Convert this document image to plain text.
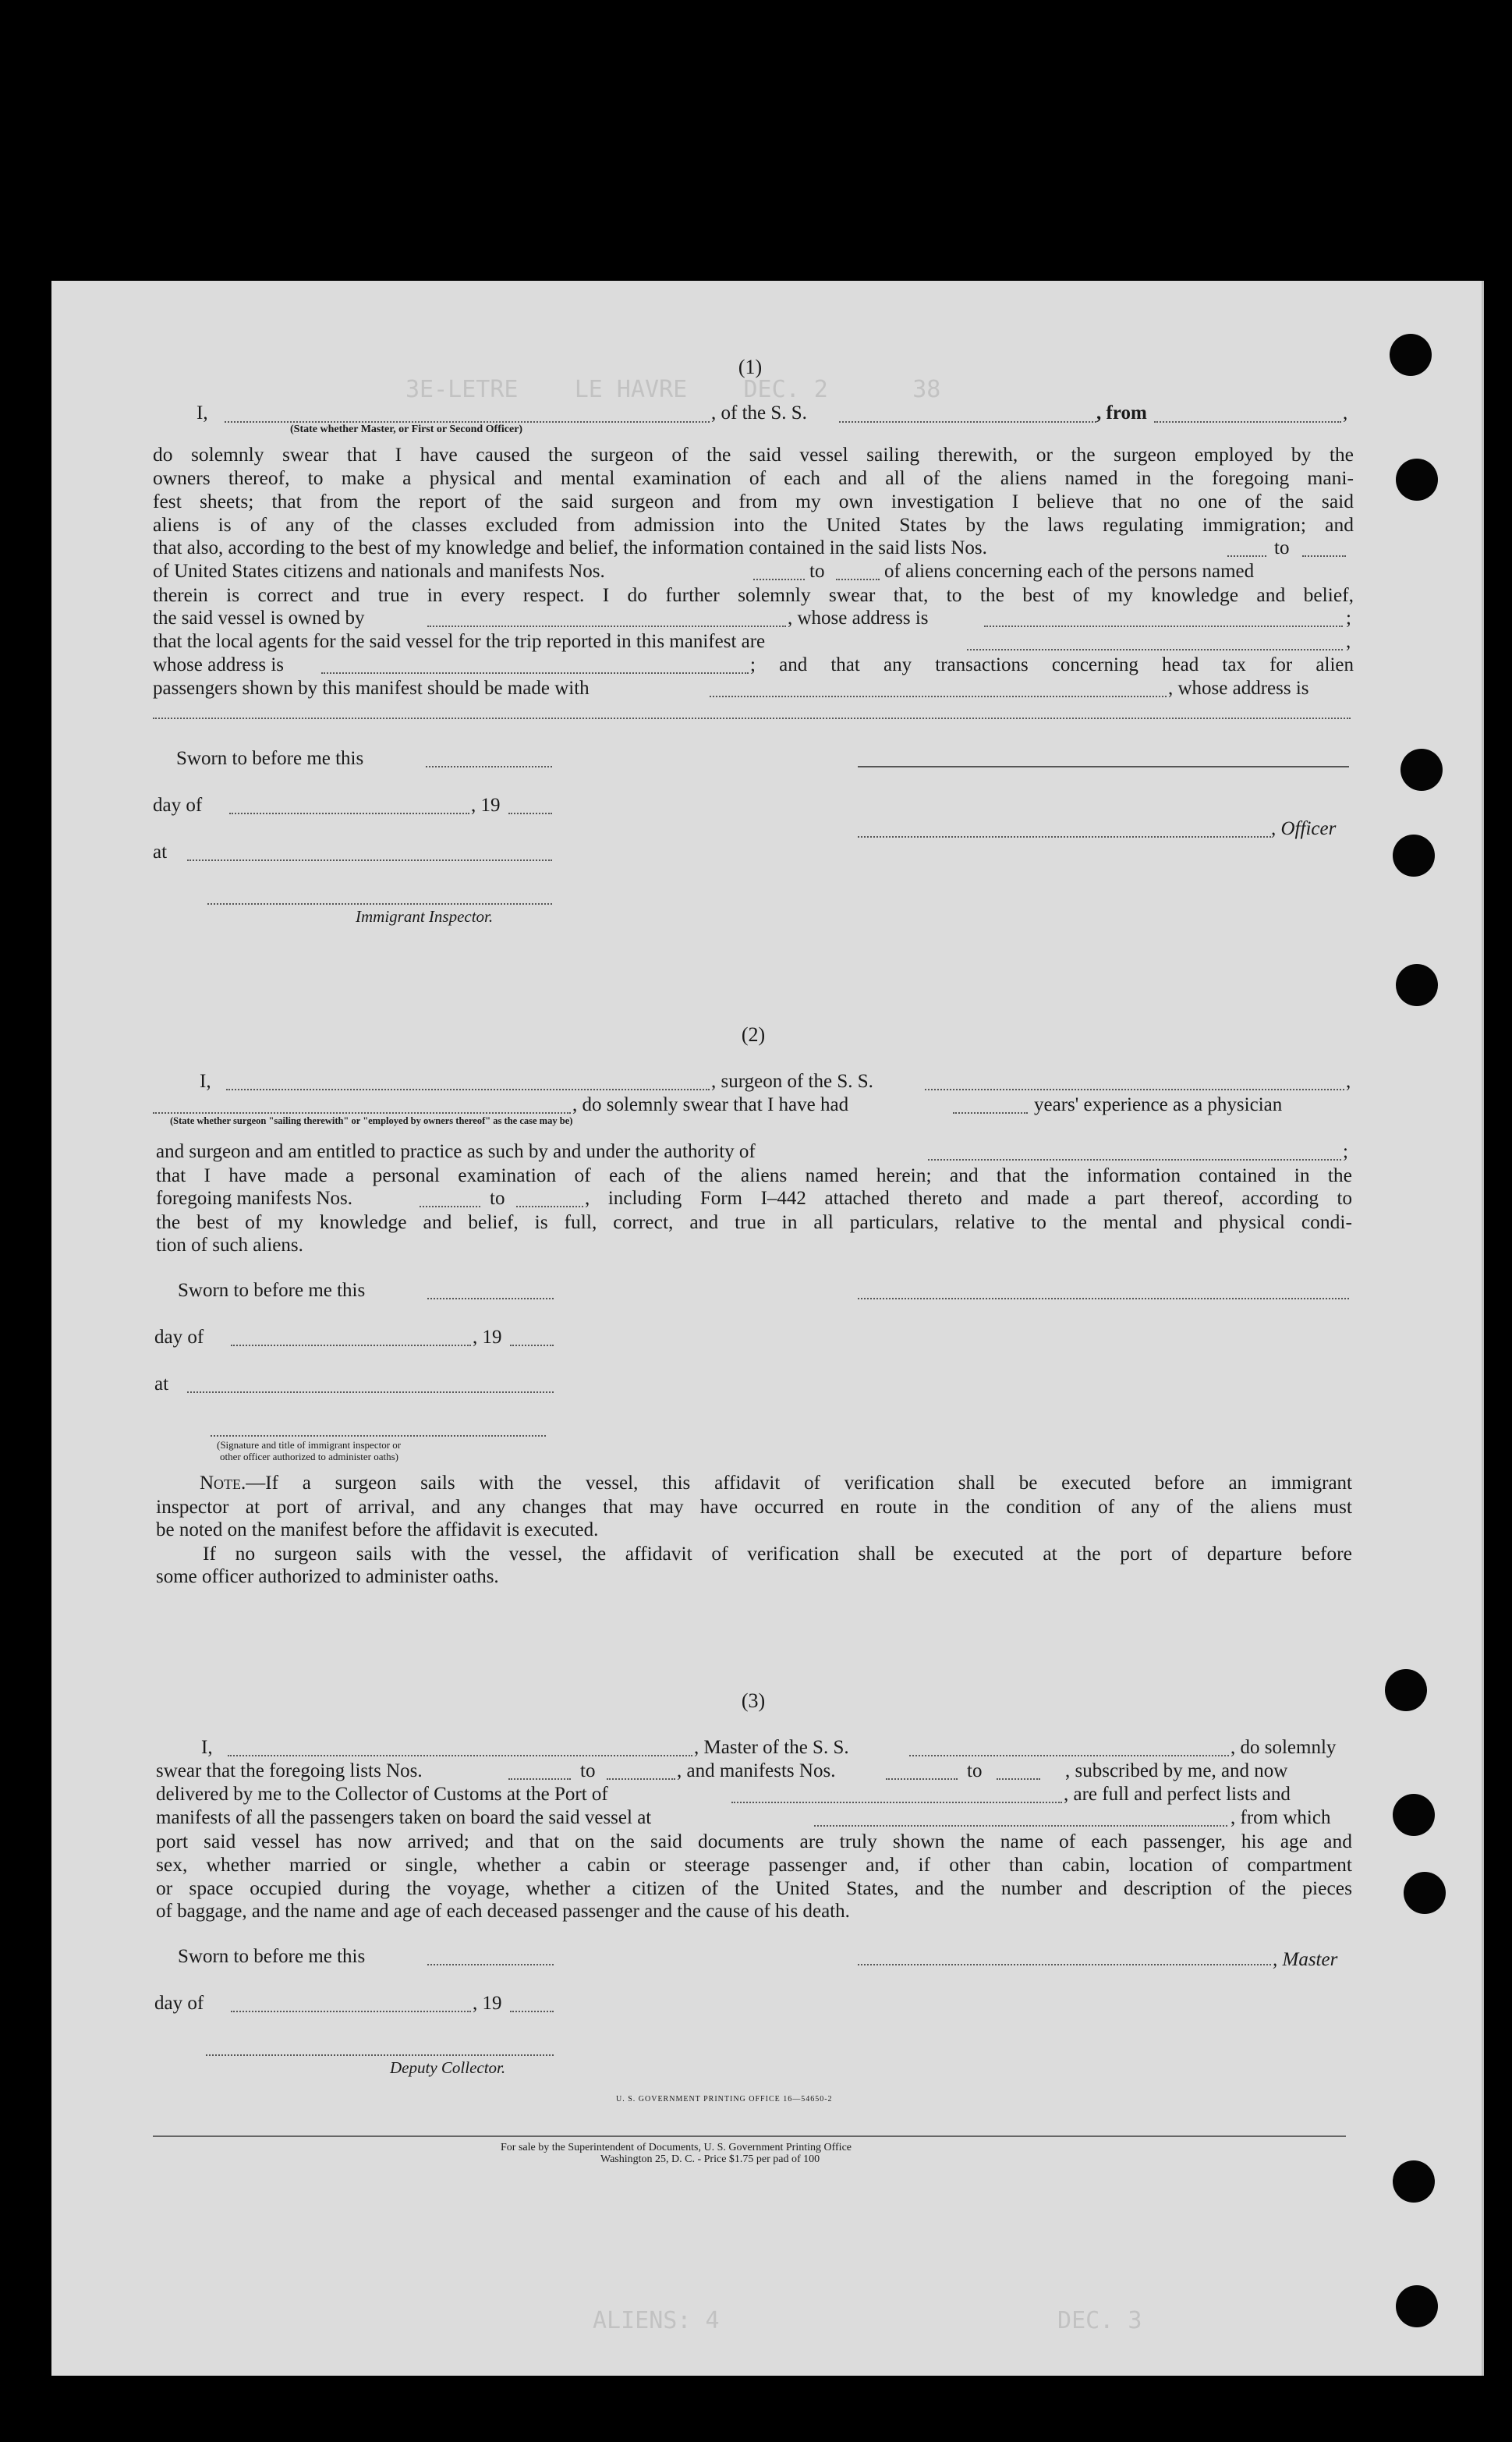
3E-LETRE    LE HAVRE    DEC. 2      38
ALIENS: 4                        DEC. 3
(1)
I,	, of the S. S.	, from	,
(State whether Master, or First or Second Officer)
do solemnly swear that I have caused the surgeon of the said vessel sailing therewith, or the surgeon employed by the
owners thereof, to make a physical and mental examination of each and all of the aliens named in the foregoing mani-
fest sheets; that from the report of the said surgeon and from my own investigation I believe that no one of the said
aliens is of any of the classes excluded from admission into the United States by the laws regulating immigration; and
that also, according to the best of my knowledge and belief, the information contained in the said lists Nos.	to
of United States citizens and nationals and manifests Nos.	to	of aliens concerning each of the persons named
therein is correct and true in every respect. I do further solemnly swear that, to the best of my knowledge and belief,
the said vessel is owned by	, whose address is	;
that the local agents for the said vessel for the trip reported in this manifest are	,
whose address is	; and that any transactions concerning head tax for alien
passengers shown by this manifest should be made with	, whose address is
Sworn to before me this
day of	, 19
, Officer
at
Immigrant Inspector.
(2)
I,	, surgeon of the S. S.	,
, do solemnly swear that I have had	years' experience as a physician
(State whether surgeon "sailing therewith" or "employed by owners thereof" as the case may be)
and surgeon and am entitled to practice as such by and under the authority of	;
that I have made a personal examination of each of the aliens named herein; and that the information contained in the
foregoing manifests Nos.	to	, including Form I–442 attached thereto and made a part thereof, according to
the best of my knowledge and belief, is full, correct, and true in all particulars, relative to the mental and physical condi-
tion of such aliens.
Sworn to before me this
day of	, 19
at
(Signature and title of immigrant inspector or
other officer authorized to administer oaths)
Note.—If a surgeon sails with the vessel, this affidavit of verification shall be executed before an immigrant
inspector at port of arrival, and any changes that may have occurred en route in the condition of any of the aliens must
be noted on the manifest before the affidavit is executed.
If no surgeon sails with the vessel, the affidavit of verification shall be executed at the port of departure before
some officer authorized to administer oaths.
(3)
I,	, Master of the S. S.	, do solemnly
swear that the foregoing lists Nos.	to	, and manifests Nos.	to	, subscribed by me, and now
delivered by me to the Collector of Customs at the Port of	, are full and perfect lists and
manifests of all the passengers taken on board the said vessel at	, from which
port said vessel has now arrived; and that on the said documents are truly shown the name of each passenger, his age and
sex, whether married or single, whether a cabin or steerage passenger and, if other than cabin, location of compartment
or space occupied during the voyage, whether a citizen of the United States, and the number and description of the pieces
of baggage, and the name and age of each deceased passenger and the cause of his death.
Sworn to before me this	, Master
day of	, 19
Deputy Collector.
U. S. GOVERNMENT PRINTING OFFICE 16—54650-2
For sale by the Superintendent of Documents, U. S. Government Printing Office
Washington 25, D. C. - Price $1.75 per pad of 100
